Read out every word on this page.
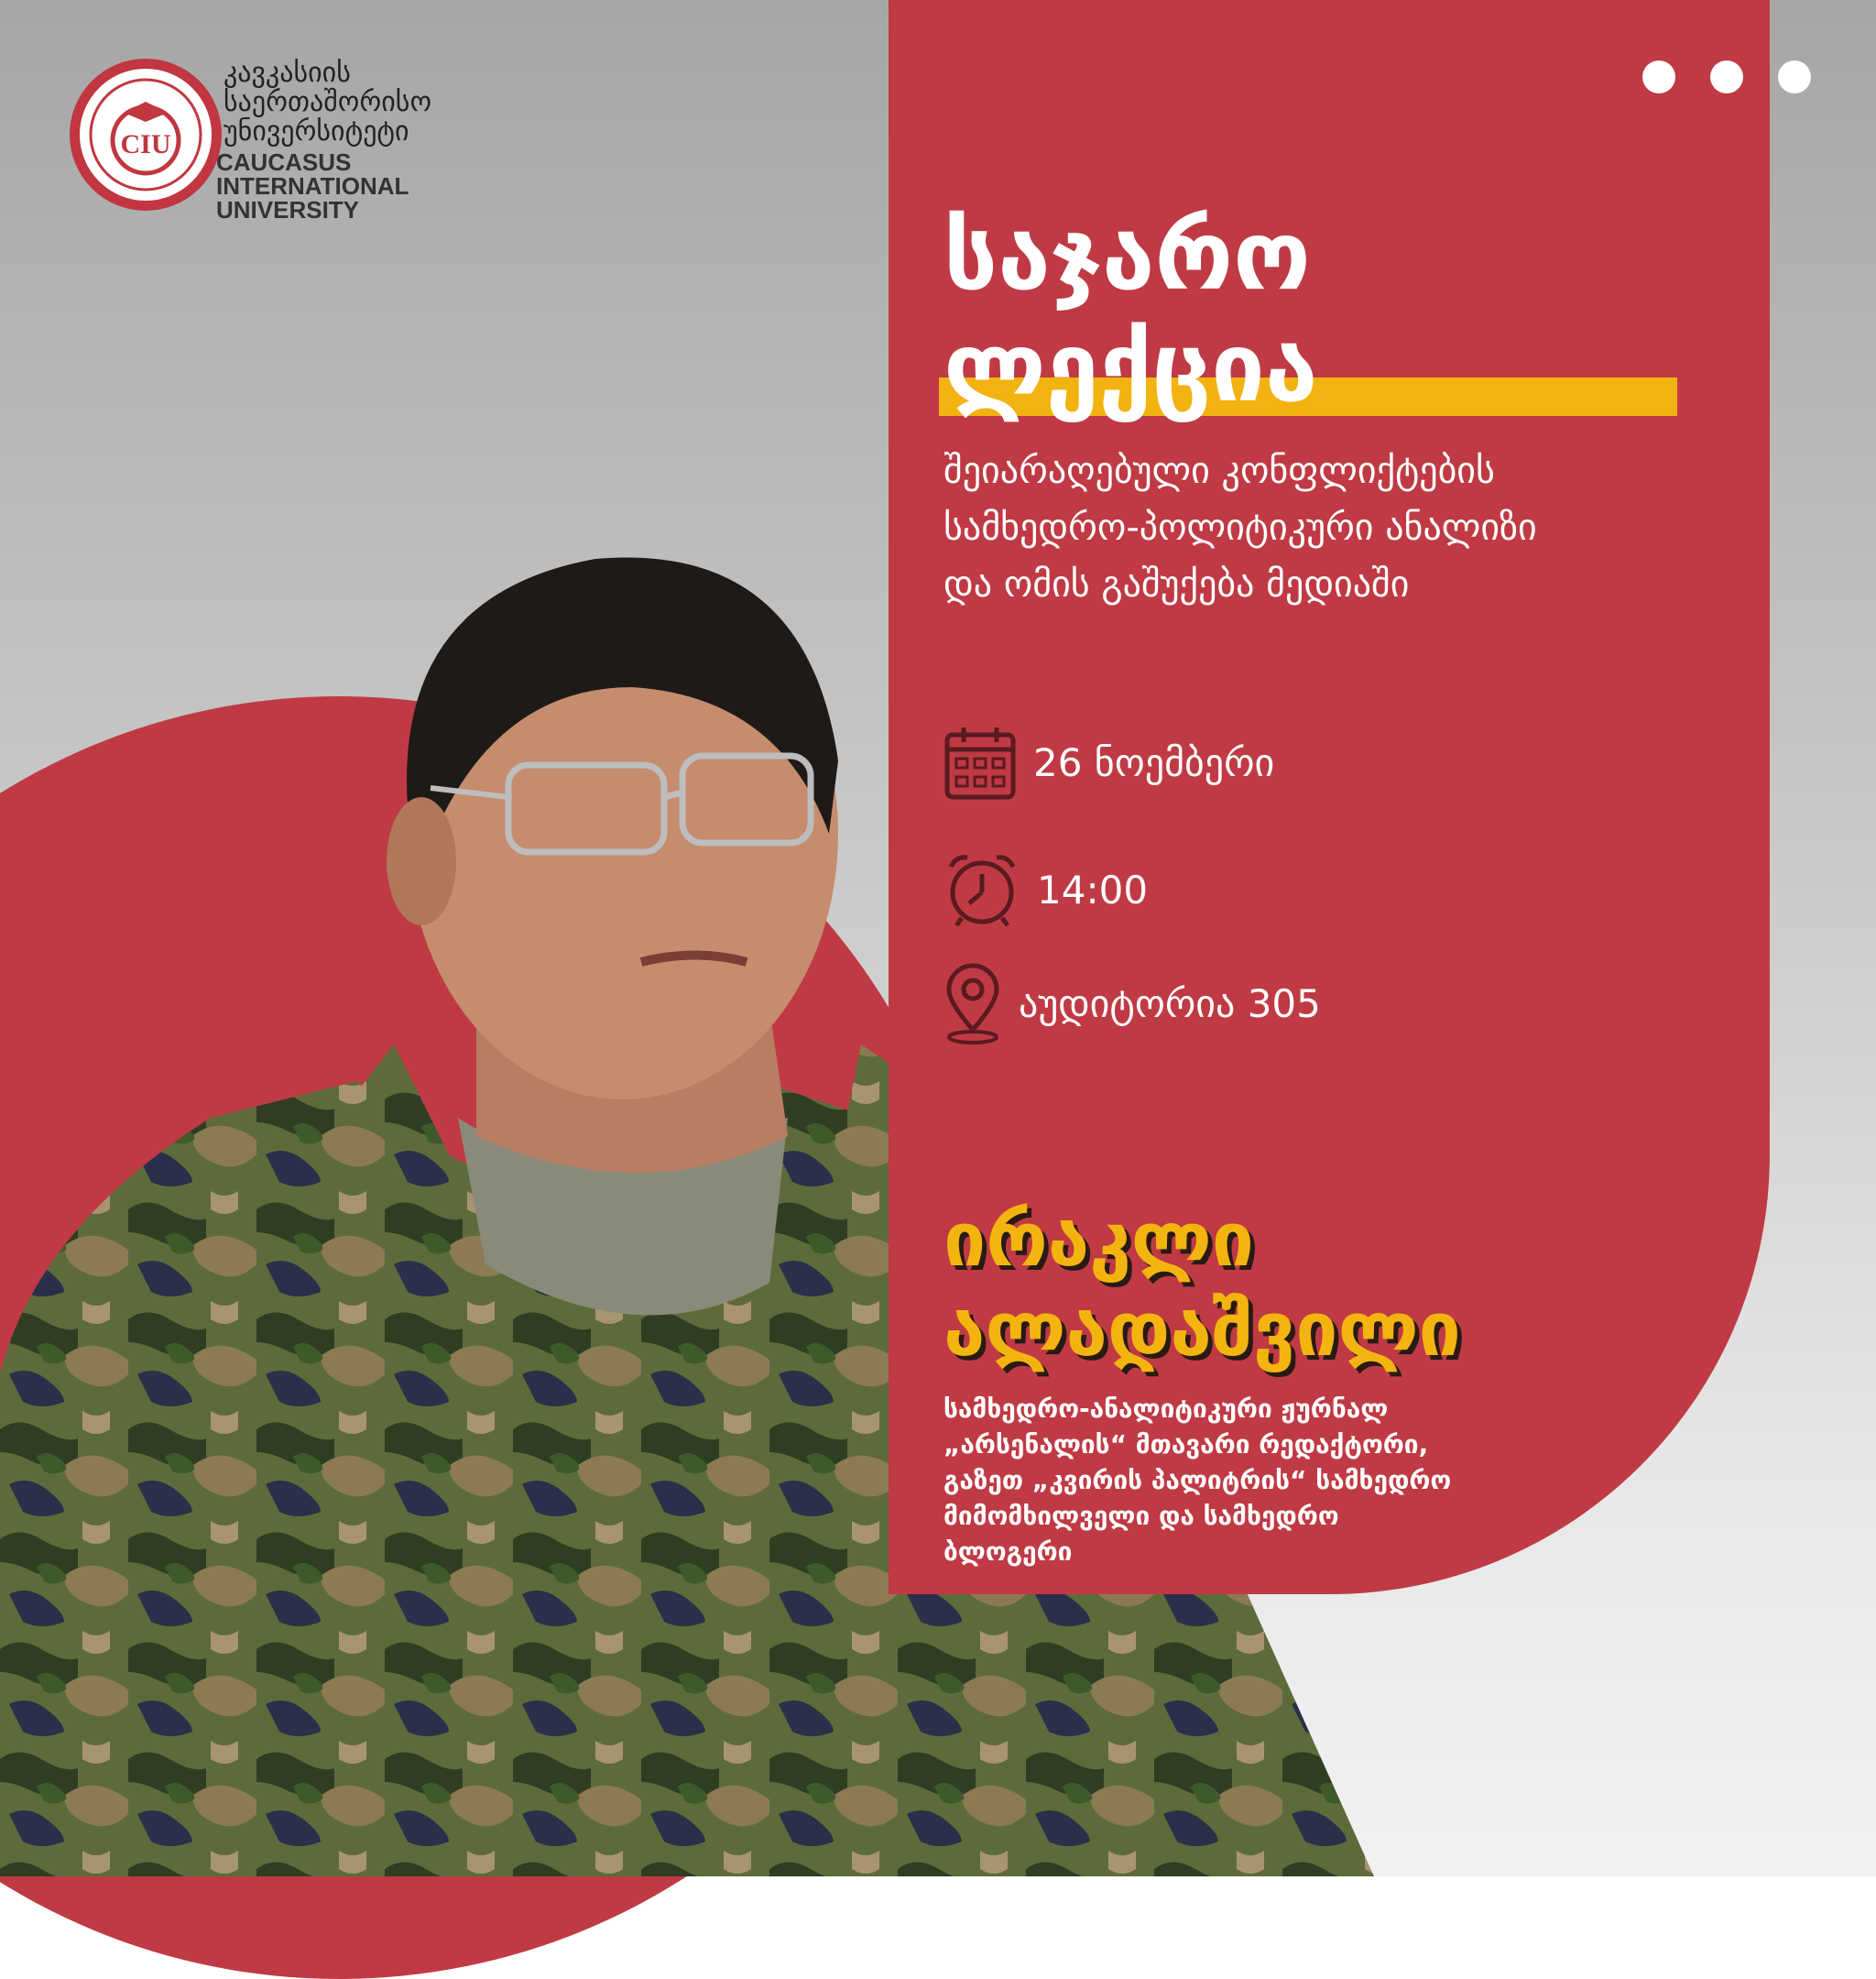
CIU
კავკასიის
საერთაშორისო
უნივერსიტეტი
CAUCASUS
INTERNATIONAL
UNIVERSITY	საჯარო
ლექცია
შეიარაღებული კონფლიქტების
სამხედრო-პოლიტიკური ანალიზი
და ომის გაშუქება მედიაში
26 ნოემბერი
14:00
აუდიტორია 305
ირაკლი
ალადაშვილი
სამხედრო-ანალიტიკური ჟურნალ
„არსენალის“ მთავარი რედაქტორი,
გაზეთ „კვირის პალიტრის“ სამხედრო
მიმომხილველი და სამხედრო
ბლოგერი
